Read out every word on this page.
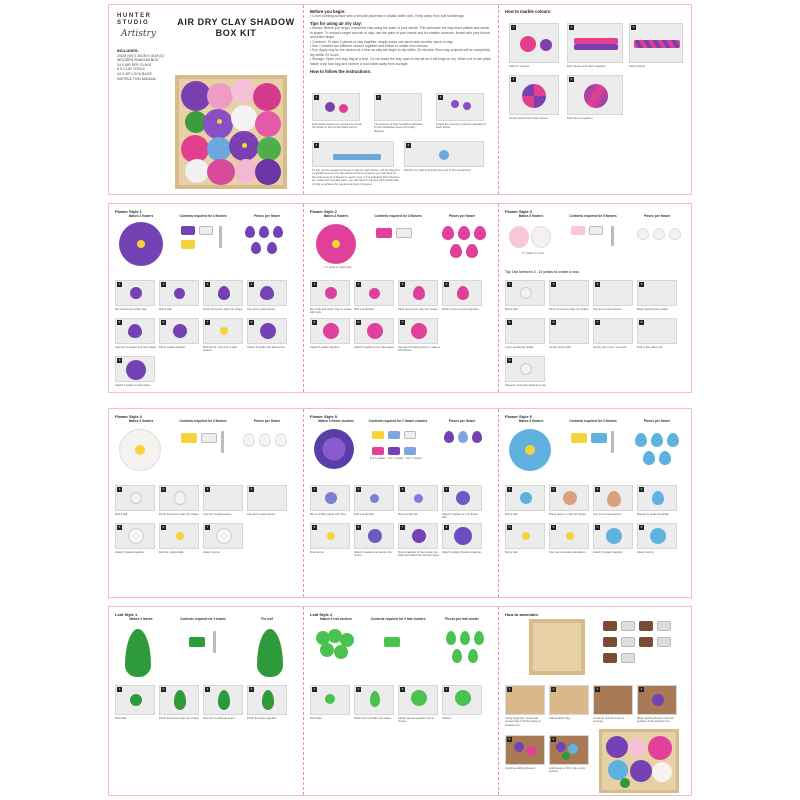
HUNTER STUDIO
Artistry
AIR DRY CLAY SHADOW BOX KIT
INCLUDES:
20CM (W) X 20CM X 4CM (D) WOODEN SHADOW BOX
24 X AIR DRY CLAYS
8 X CLAY TOOLS
24 X ZIP LOCK BAGS
INSTRUCTION MANUAL
Before you begin:
• Cover working surface with a smooth placemat or plastic table cloth. Keep away from soft furnishings.
Tips for using air dry clay:
• Knead: Before you begin, knead the clay using the palm of your hands. This will make the clay more pliable and easier to shape. To knead a larger amount of clay, use the palm of your hands and for smaller amounts, knead with your thumb and index finger.
• Combine: To stick 2 pieces of clay together, simply press one piece onto another piece of clay.
• Mix: Combine two different colours together and knead to create new colours.
• Dry: Apply clay to one section at a time as clay will begin to dry within 30 minutes. Most clay projects will be completely dry within 24 hours.
• Storage: Open one clay bag at a time. Do not leave the clay open to the air as it will begin to dry. When not in use place inside a zip lock bag and store in a cool place away from sunlight.
How to follow the instructions:
1	2	3
Note what colours are required to create the flower in the top left hand corner.
The amount of clay needed is indicated by the shadowed area of the bag diagram.
Follow the amount of pieces indicated of each flower.
4	5
To find out the required amount of clay for each flower, roll the clay into a cylinder and cut into the correct amount of pieces you will need for the total amount of flowers in section (eg. if it is indicated that 2 flowers are made with 3 petals each, you will need to cut and roll 6 small balls of clay to achieve the required amount of pieces.
Roll the cut balls and follow the rest of the instructions.
How to marble colours:
1	2	3
Select 2 colours.	Roll colours and place together.	Twist colours.
4	5
Gently stretch and twist colours.	Roll colours together.
Flower Style 1
Makes 3 flowers	Contents required for 3 flowers	Pieces per flower
1	2	3	4
Mix purple and white clay.	Roll a ball.	Pinch and press clay into shape.	Use tool to add texture.
5	6	7	8
Use tool to shape and fold edges. Pinch petals together.	Roll centre. Use tool to add texture.
Attach 5 petals and add centre.
9
Attach 5 petals to base layer.
Flower Style 2
Makes 3 flowers	Contents required for 3 flowers	Pieces per flower
1 x petal 2 x light pink
1	2	3	4
Mix 'pink and white' clay to create light pink.
Roll a small ball.	Pinch and press clay into shape.	Pinch centre of petal together.
5	6	7
Attach 5 petals together.	Attach 5 petals to the base layer.	Use the remaining pink to make a third flower.
Flower Style 3
Makes 5 flowers	Contents required for 5 flowers	Pieces per flower
2 x white 2 x pink
Tip: Use between 3 - 10 petals to create a rose.
1	2	3	4
Roll a ball.	Pinch and press clay into shape.	Use tool to add texture.	Begin layering the petals.
5	6	7	8
Layer remaining petals.	Gently fold in half.	Gently roll in from one end.	Roll to the other end.
9
Squeeze and pull petals from top.
Flower Style 4
Makes 3 flowers	Contents required for 3 flowers	Pieces per flower
1	2	3	4
Roll a ball.	Pinch and press clay into shape.	Use tool to add texture.	Use tool to add texture.
5	6	7
Attach 5 petals together.	Roll the yellow balls.	Attach centre.
Flower Style 5
Makes 3 flower clusters	Contents required for 1 flower clusters	Pieces per flower
For 1 cluster For 1 cluster For 1 cluster
1	2	3	4
Mix to a little purple with blue.	Roll a small ball.	Roll a small ball.	Attach 4 petals for one flower ball.
5	6	7	8
Roll centre.	Attach 4 petals and secure the centre.
Roll remainder of the purple into balls and follow the second steps.
Attach multiple flowers together.
Flower Style 6
Makes 3 flowers	Contents required for 3 flowers	Pieces per flower
1	2	3	4
Roll a ball.	Press down on ball with finger.	Use tool to add texture.	Repeat to make all petals.
5	6	7	8
Roll a ball.	Use tool to create indentation.	Attach 5 petals together.	Attach centre.
Leaf Style 1
Makes 3 leaves	Contents required for 3 leaves	Per leaf
1	2	3	4
Roll balls.	Pinch and press clay into shape.	Use tool to add leaf veins.	Pinch the base together.
Leaf Style 2
Makes 3 leaf clusters	Contents required for 3 leaf clusters	Pieces per leaf cluster
1	2	3	4
Roll balls.	Pinch and roll balls into shape.	Attach pieces together into a cluster.
Cluster
How to assemble:
1	2	3	4
Using fingertips, press and spread clay to fill the base of shadow box.
Add another bag.	Continue until the base is covered.
Begin placing flowers into the surface of the shadow box.
5	6
Continue adding flowers.	Add leaves to fill in the empty spaces.
